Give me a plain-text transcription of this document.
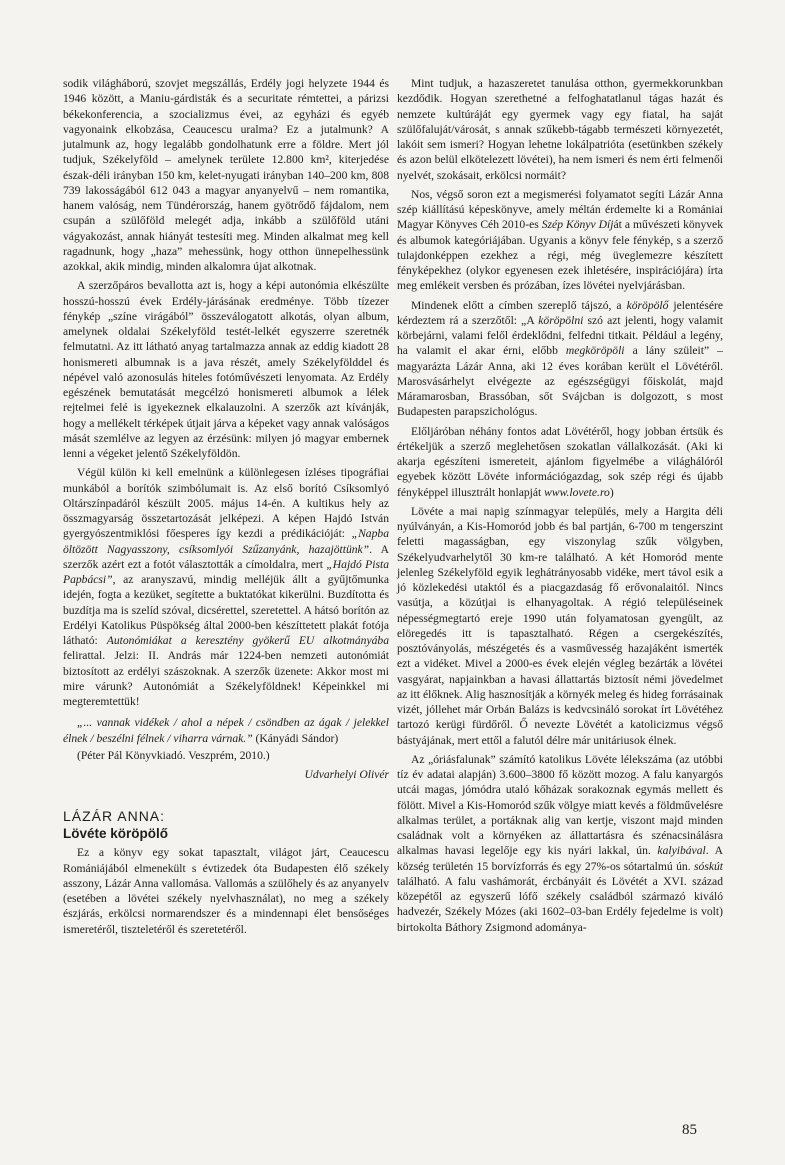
sodik világháború, szovjet megszállás, Erdély jogi helyzete 1944 és 1946 között, a Maniu-gárdisták és a securitate rémtettei, a párizsi békekonferencia, a szocializmus évei, az egyházi és egyéb vagyonaink elkobzása, Ceaucescu uralma? Ez a jutalmunk? A jutalmunk az, hogy legalább gondolhatunk erre a földre. Mert jól tudjuk, Székelyföld – amelynek területe 12.800 km², kiterjedése észak-déli irányban 150 km, kelet-nyugati irányban 140–200 km, 808 739 lakosságából 612 043 a magyar anyanyelvű – nem romantika, hanem valóság, nem Tündérország, hanem gyötrődő fájdalom, nem csupán a szülőföld melegét adja, inkább a szülőföld utáni vágyakozást, annak hiányát testesíti meg. Minden alkalmat meg kell ragadnunk, hogy „haza” mehessünk, hogy otthon ünnepelhessünk azokkal, akik mindig, minden alkalomra újat alkotnak.

A szerzőpáros bevallotta azt is, hogy a képi autonómia elkészülte hosszú-hosszú évek Erdély-járásának eredménye. Több tízezer fénykép „színe virágából” összeválogatott alkotás, olyan album, amelynek oldalai Székelyföld testét-lelkét egyszerre szeretnék felmutatni. Az itt látható anyag tartalmazza annak az eddig kiadott 28 honismereti albumnak is a java részét, amely Székelyfölddel és népével való azonosulás hiteles fotóművészeti lenyomata. Az Erdély egészének bemutatását megcélzó honismereti albumok a lélek rejtelmei felé is igyekeznek elkalauzolni. A szerzők azt kívánják, hogy a mellékelt térképek útjait járva a képeket vagy annak valóságos mását szemlélve az legyen az érzésünk: milyen jó magyar embernek lenni a végeket jelentő Székelyföldön.

Végül külön ki kell emelnünk a különlegesen ízléses tipográfiai munkából a borítók szimbólumait is. Az első borító Csíksomlyó Oltárszínpadáról készült 2005. május 14-én. A kultikus hely az összmagyarság összetartozását jelképezi. A képen Hajdó István gyergyószentmiklósi főesperes így kezdi a prédikációját: „Napba öltözött Nagyasszony, csíksomlyói Szűzanyánk, hazajöttünk”. A szerzők azért ezt a fotót választották a címoldalra, mert „Hajdó Pista Papbácsi”, az aranyszavú, mindig melléjük állt a gyűjtőmunka idején, fogta a kezüket, segítette a buktatókat kikerülni. Buzdította és buzdítja ma is szelíd szóval, dicsérettel, szeretettel. A hátsó borítón az Erdélyi Katolikus Püspökség által 2000-ben készíttetett plakát fotója látható: Autonómiákat a keresztény gyökerű EU alkotmányába felirattal. Jelzi: II. András már 1224-ben nemzeti autonómiát biztosított az erdélyi szászoknak. A szerzők üzenete: Akkor most mi mire várunk? Autonómiát a Székelyföldnek! Képeinkkel mi megteremtettük!

„... vannak vidékek / ahol a népek / csöndben az ágak / jelekkel élnek / beszélni félnek / viharra várnak.” (Kányádi Sándor)

(Péter Pál Könyvkiadó. Veszprém, 2010.)

Udvarhelyi Olivér

LÁZÁR ANNA:
Lövéte köröpölő

Ez a könyv egy sokat tapasztalt, világot járt, Ceaucescu Romániájából elmenekült s évtizedek óta Budapesten élő székely asszony, Lázár Anna vallomása. Vallomás a szülőhely és az anyanyelv (esetében a lövétei székely nyelvhasználat), no meg a székely észjárás, erkölcsi normarendszer és a mindennapi élet bensőséges ismeretéről, tiszteletéről és szeretetéről.

Mint tudjuk, a hazaszeretet tanulása otthon, gyermekkorunkban kezdődik. Hogyan szerethetné a felfoghatatlanul tágas hazát és nemzete kultúráját egy gyermek vagy egy fiatal, ha saját szülőfaluját/városát, s annak szűkebb-tágabb természeti környezetét, lakóit sem ismeri? Hogyan lehetne lokálpatrióta (esetünkben székely és azon belül elkötelezett lövétei), ha nem ismeri és nem érti felmenői nyelvét, szokásait, erkölcsi normáit?

Nos, végső soron ezt a megismerési folyamatot segíti Lázár Anna szép kiállítású képeskönyve, amely méltán érdemelte ki a Romániai Magyar Könyves Céh 2010-es Szép Könyv Díját a művészeti könyvek és albumok kategóriájában. Ugyanis a könyv fele fénykép, s a szerző tulajdonképpen ezekhez a régi, még üveglemezre készített fényképekhez (olykor egyenesen ezek ihletésére, inspirációjára) írta meg emlékeit versben és prózában, ízes lövétei nyelvjárásban.

Mindenek előtt a címben szereplő tájszó, a köröpölő jelentésére kérdeztem rá a szerzőtől: „A köröpölni szó azt jelenti, hogy valamit körbejárni, valami felől érdeklődni, felfedni titkait. Például a legény, ha valamit el akar érni, előbb megköröpöli a lány szüleit” – magyarázta Lázár Anna, aki 12 éves korában került el Lövétéről. Marosvásárhelyt elvégezte az egészségügyi főiskolát, majd Máramarosban, Brassóban, sőt Svájcban is dolgozott, s most Budapesten parapszichológus.

Előljáróban néhány fontos adat Lövétéről, hogy jobban értsük és értékeljük a szerző meglehetősen szokatlan vállalkozását. (Aki ki akarja egészíteni ismereteit, ajánlom figyelmébe a világhálóról egyebek között Lövéte információgazdag, sok szép régi és újabb fényképpel illusztrált honlapját www.lovete.ro)

Lövéte a mai napig színmagyar település, mely a Hargita déli nyúlványán, a Kis-Homoród jobb és bal partján, 6-700 m tengerszint feletti magasságban, egy viszonylag szűk völgyben, Székelyudvarhelytől 30 km-re található. A két Homoród mente jelenleg Székelyföld egyik leghátrányosabb vidéke, mert távol esik a jó közlekedési utaktól és a piacgazdaság fő erővonalaitól. Nincs vasútja, a közútjai is elhanyagoltak. A régió településeinek népességmegtartó ereje 1990 után folyamatosan gyengült, az elöregedés itt is tapasztalható. Régen a csergekészítés, posztóványolás, mészégetés és a vasművesség hazajáként ismerték ezt a vidéket. Mivel a 2000-es évek elején végleg bezárták a lövétei vasgyárat, napjainkban a havasi állattartás biztosít némi jövedelmet az itt élőknek. Alig hasznosítják a környék meleg és hideg forrásainak vizét, jóllehet már Orbán Balázs is kedvcsináló sorokat írt Lövétéhez tartozó kerügi fürdőről. Ő nevezte Lövétét a katolicizmus végső bástyájának, mert ettől a falutól délre már unitáriusok élnek.

Az „óriásfalunak” számító katolikus Lövéte lélekszáma (az utóbbi tíz év adatai alapján) 3.600–3800 fő között mozog. A falu kanyargós utcái magas, jómódra utaló kőházak sorakoznak egymás mellett és fölött. Mivel a Kis-Homoród szűk völgye miatt kevés a földművelésre alkalmas terület, a portáknak alig van kertje, viszont majd minden családnak volt a környéken az állattartásra és szénacsinálásra alkalmas havasi legelője egy kis nyári lakkal, ún. kalyibával. A község területén 15 borvízforrás és egy 27%-os sótartalmú ún. sóskút található. A falu vashámorát, ércbányáit és Lövétét a XVI. század közepétől az egyszerű lófő székely családból származó kiváló hadvezér, Székely Mózes (aki 1602–03-ban Erdély fejedelme is volt) birtokolta Báthory Zsigmond adománya-

85
